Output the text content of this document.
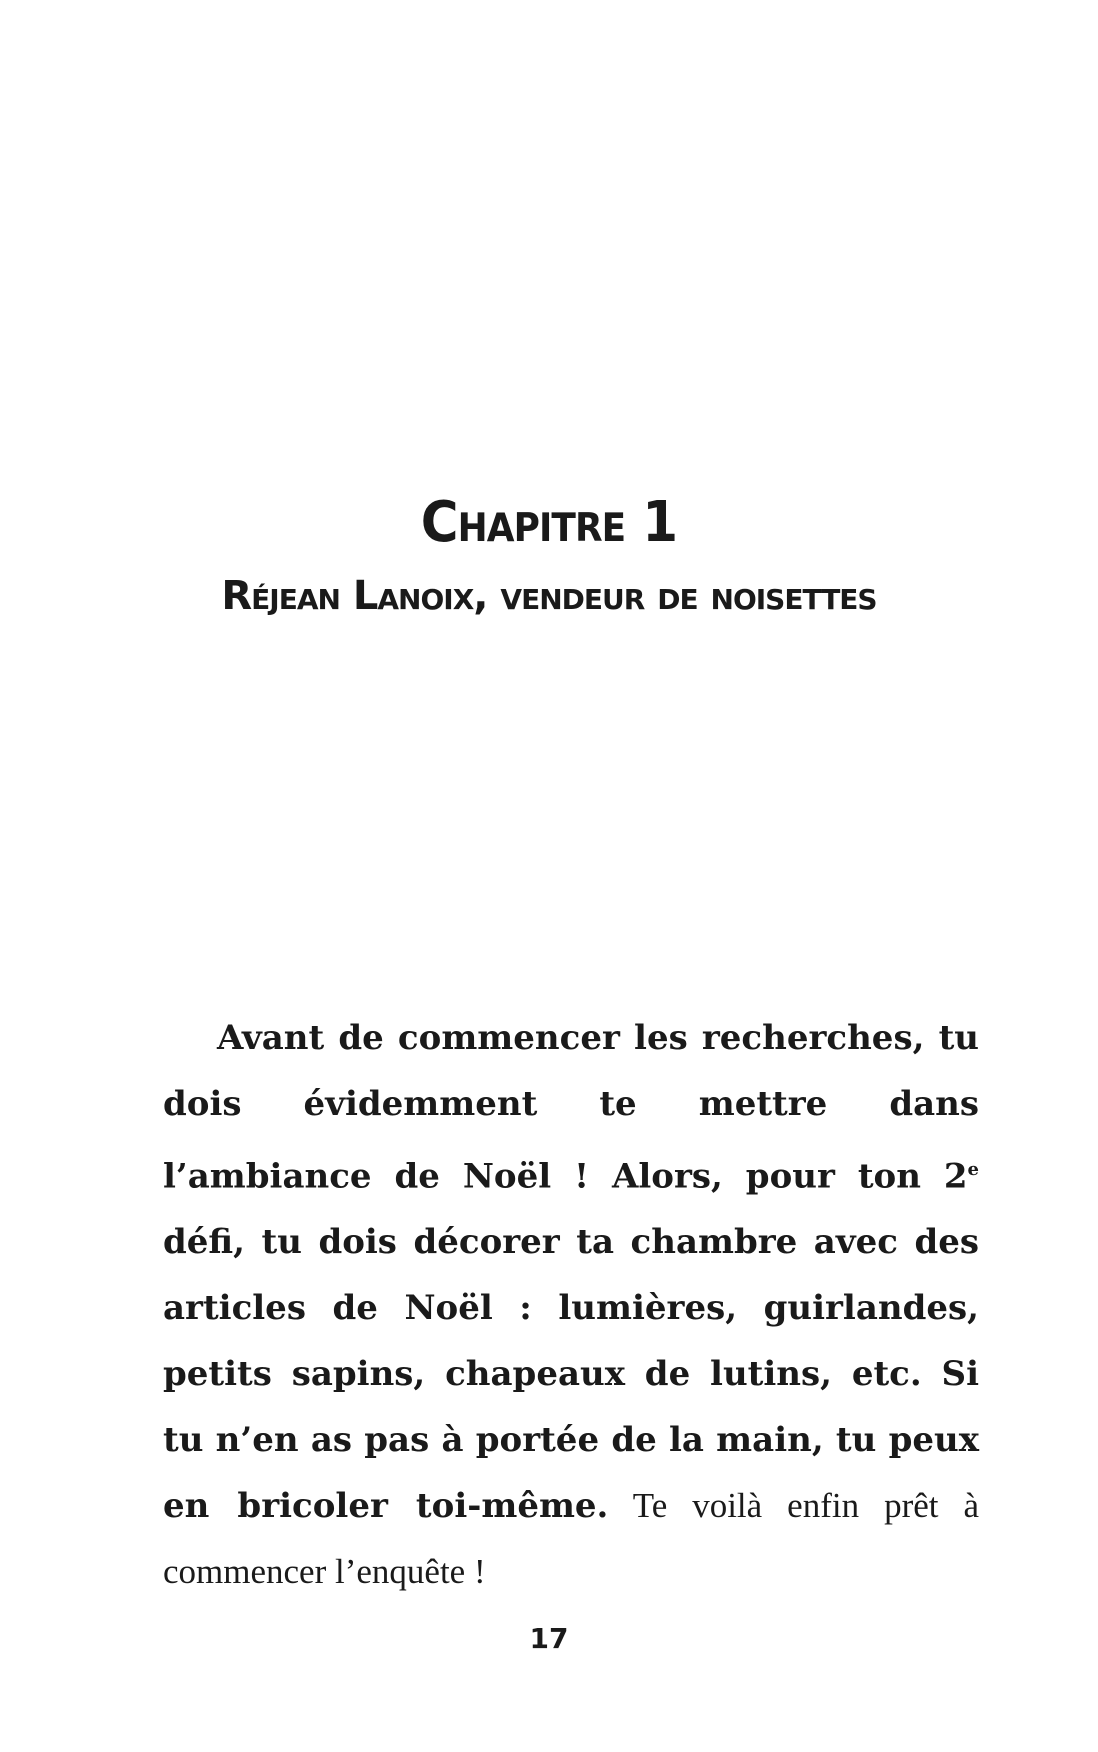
Chapitre 1
Réjean Lanoix, vendeur de noisettes

Avant de commencer les recherches, tu dois évidemment te mettre dans l’ambiance de Noël ! Alors, pour ton 2e défi, tu dois décorer ta chambre avec des articles de Noël : lumières, guirlandes, petits sapins, chapeaux de lutins, etc. Si tu n’en as pas à portée de la main, tu peux en bricoler toi-même. Te voilà enfin prêt à commencer l’enquête !

17
